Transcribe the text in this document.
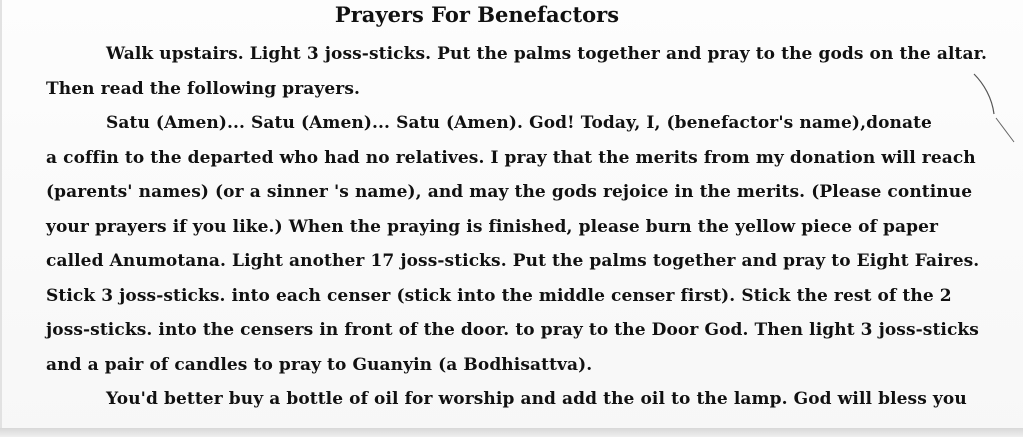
Prayers For Benefactors
Walk upstairs. Light 3 joss-sticks. Put the palms together and pray to the gods on the altar.
Then read the following prayers.
Satu (Amen)... Satu (Amen)... Satu (Amen). God! Today, I, (benefactor's name),donate
a coffin to the departed who had no relatives. I pray that the merits from my donation will reach
(parents' names) (or a sinner 's name), and may the gods rejoice in the merits. (Please continue
your prayers if you like.) When the praying is finished, please burn the yellow piece of paper
called Anumotana. Light another 17 joss-sticks. Put the palms together and pray to Eight Faires.
Stick 3 joss-sticks. into each censer (stick into the middle censer first). Stick the rest of the 2
joss-sticks. into the censers in front of the door. to pray to the Door God. Then light 3 joss-sticks
and a pair of candles to pray to Guanyin (a Bodhisattva).
You'd better buy a bottle of oil for worship and add the oil to the lamp. God will bless you
